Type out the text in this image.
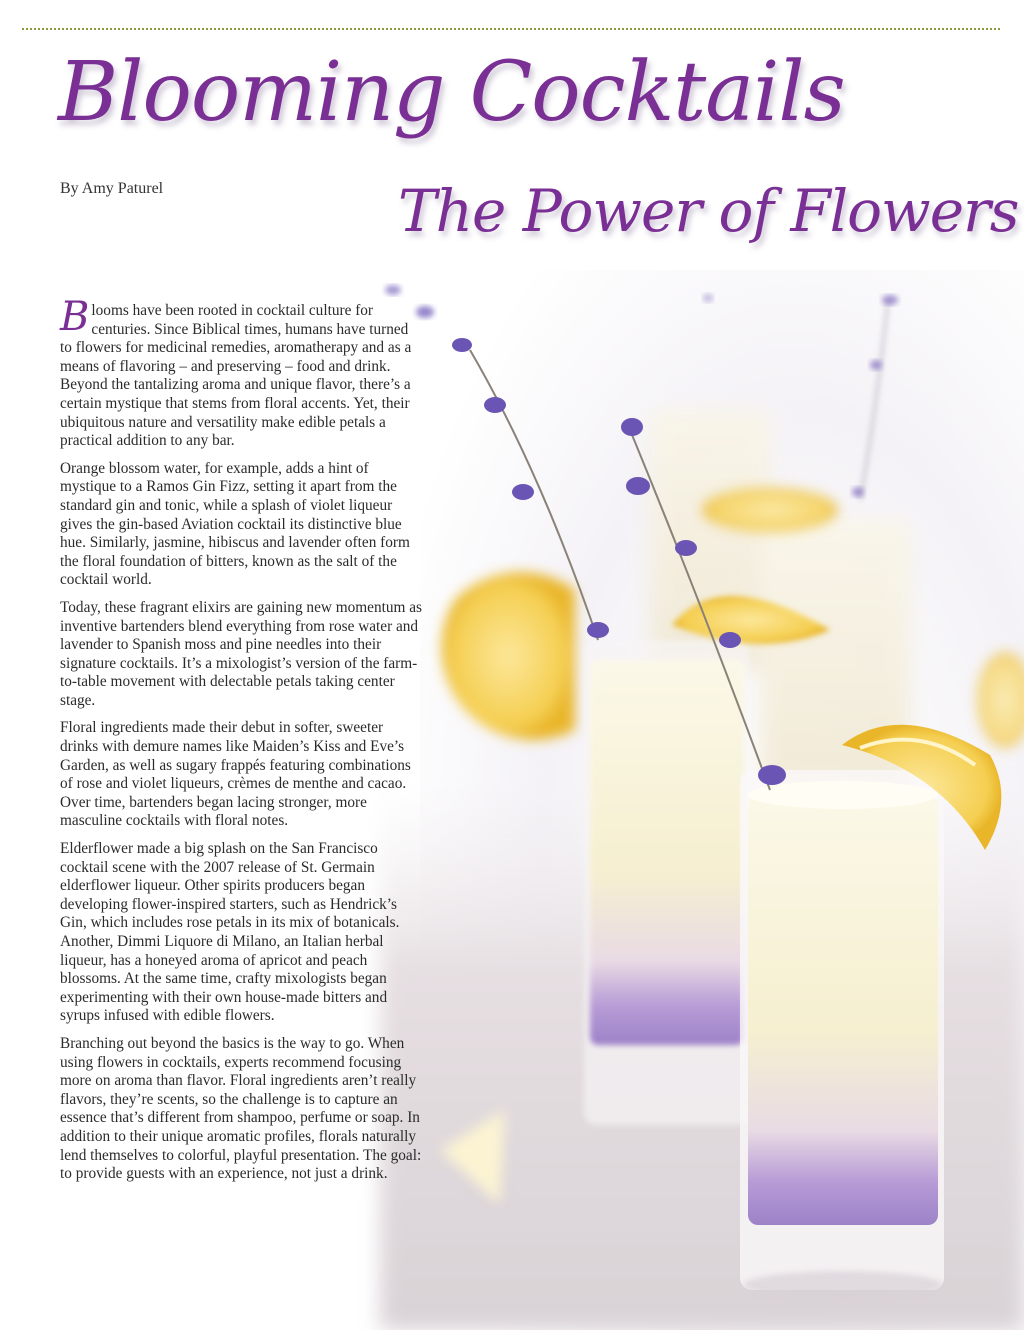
Blooming Cocktails
The Power of Flowers
By Amy Paturel

Blooms have been rooted in cocktail culture for centuries. Since Biblical times, humans have turned to flowers for medicinal remedies, aromatherapy and as a means of flavoring – and preserving – food and drink. Beyond the tantalizing aroma and unique flavor, there’s a certain mystique that stems from floral accents. Yet, their ubiquitous nature and versatility make edible petals a practical addition to any bar.

Orange blossom water, for example, adds a hint of mystique to a Ramos Gin Fizz, setting it apart from the standard gin and tonic, while a splash of violet liqueur gives the gin-based Aviation cocktail its distinctive blue hue. Similarly, jasmine, hibiscus and lavender often form the floral foundation of bitters, known as the salt of the cocktail world.

Today, these fragrant elixirs are gaining new momentum as inventive bartenders blend everything from rose water and lavender to Spanish moss and pine needles into their signature cocktails. It’s a mixologist’s version of the farm-to-table movement with delectable petals taking center stage.

Floral ingredients made their debut in softer, sweeter drinks with demure names like Maiden’s Kiss and Eve’s Garden, as well as sugary frappés featuring combinations of rose and violet liqueurs, crèmes de menthe and cacao. Over time, bartenders began lacing stronger, more masculine cocktails with floral notes.

Elderflower made a big splash on the San Francisco cocktail scene with the 2007 release of St. Germain elderflower liqueur. Other spirits producers began developing flower-inspired starters, such as Hendrick’s Gin, which includes rose petals in its mix of botanicals. Another, Dimmi Liquore di Milano, an Italian herbal liqueur, has a honeyed aroma of apricot and peach blossoms. At the same time, crafty mixologists began experimenting with their own house-made bitters and syrups infused with edible flowers.

Branching out beyond the basics is the way to go. When using flowers in cocktails, experts recommend focusing more on aroma than flavor. Floral ingredients aren’t really flavors, they’re scents, so the challenge is to capture an essence that’s different from shampoo, perfume or soap. In addition to their unique aromatic profiles, florals naturally lend themselves to colorful, playful presentation. The goal: to provide guests with an experience, not just a drink.
